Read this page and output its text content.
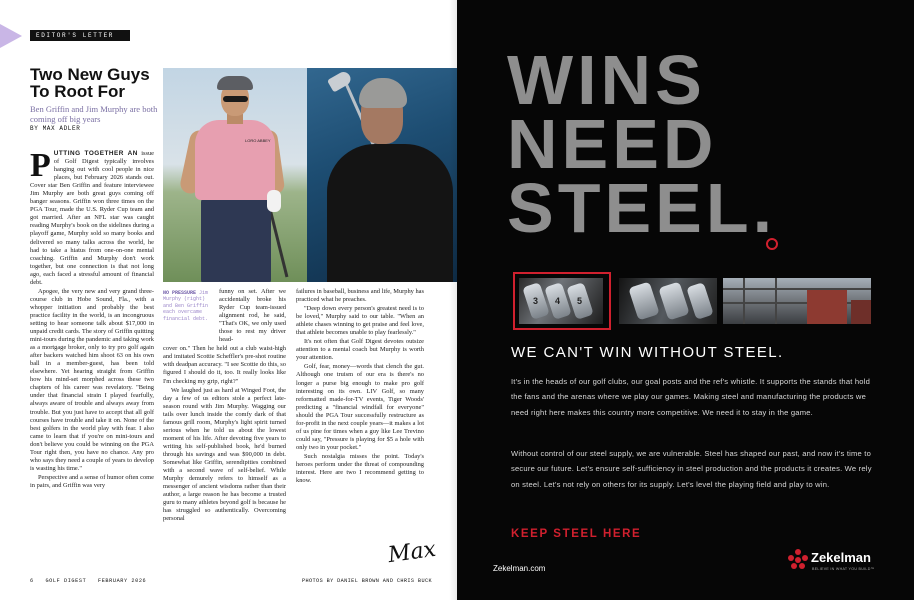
EDITOR'S LETTER
Two New Guys To Root For
Ben Griffin and Jim Murphy are both coming off big years
BY MAX ADLER

PUTTING TOGETHER AN issue of Golf Digest typically involves hanging out with cool people in nice places, but February 2026 stands out. Cover star Ben Griffin and feature interviewee Jim Murphy are both great guys coming off banger seasons. Griffin won three times on the PGA Tour, made the U.S. Ryder Cup team and got married. After an NFL star was caught reading Murphy's book on the sidelines during a playoff game, Murphy sold so many books and delivered so many talks across the world, he had to take a hiatus from one-on-one mental coaching. Griffin and Murphy don't work together, but one connection is that not long ago, each faced a stressful amount of financial debt.

Apogee, the very new and very grand three-course club in Hobe Sound, Fla., with a whopper initiation and probably the best practice facility in the world, is an incongruous setting to hear someone talk about $17,000 in unpaid credit cards. The story of Griffin quitting mini-tours during the pandemic and taking work as a mortgage broker, only to try pro golf again after backers watched him shoot 63 on his own ball in a member-guest, has been told elsewhere. Yet hearing straight from Griffin how his mind-set morphed across these two chapters of his career was revelatory. "Being under that financial strain I played fearfully, always aware of trouble and always away from trouble. But you just have to accept that all golf courses have trouble and take it on. None of the best golfers in the world play with fear. I also came to learn that if you're on mini-tours and don't believe you could be winning on the PGA Tour right then, you have no chance. Any pro who says they need a couple of years to develop is wasting his time."

Perspective and a sense of humor often come in pairs, and Griffin was very

LORO ABBEY
NO PRESSURE Jim Murphy (right) and Ben Griffin each overcame financial debt.

funny on set. After we accidentally broke his Ryder Cup team-issued alignment rod, he said, "That's OK, we only used those to rest my driver head-

cover on." Then he held out a club waist-high and imitated Scottie Scheffler's pre-shot routine with deadpan accuracy. "I see Scottie do this, so figured I should do it, too. It really looks like I'm checking my grip, right?"

We laughed just as hard at Winged Foot, the day a few of us editors stole a perfect late-season round with Jim Murphy. Wagging our tails over lunch inside the comfy dark of that famous grill room, Murphy's light spirit turned serious when he told us about the lowest moment of his life. After devoting five years to writing his self-published book, he'd burned through his savings and was $90,000 in debt. Somewhat like Griffin, serendipities combined with a second wave of self-belief. While Murphy demurely refers to himself as a messenger of ancient wisdoms rather than their author, a large reason he has become a trusted guru to many athletes beyond golf is because he has struggled so authentically. Overcoming personal

failures in baseball, business and life, Murphy has practiced what he preaches.

"Deep down every person's greatest need is to be loved," Murphy said to our table. "When an athlete chases winning to get praise and feel love, that athlete becomes unable to play fearlessly."

It's not often that Golf Digest devotes outsize attention to a mental coach but Murphy is worth your attention.

Golf, fear, money—words that clench the gut. Although one truism of our era is there's no longer a purse big enough to make pro golf interesting on its own. LIV Golf, so many reformatted made-for-TV events, Tiger Woods' predicting a "financial windfall for everyone" should the PGA Tour successfully restructure as for-profit in the next couple years—it makes a lot of us pine for times when a guy like Lee Trevino could say, "Pressure is playing for $5 a hole with only two in your pocket."

Such nostalgia misses the point. Today's heroes perform under the threat of compounding interest. Here are two I recommend getting to know.

Max
6 GOLF DIGEST FEBRUARY 2026	PHOTOS BY DANIEL BROWN AND CHRIS BUCK
WINS
NEED
STEEL.
3 4 5
WE CAN'T WIN WITHOUT STEEL.

It's in the heads of our golf clubs, our goal posts and the ref's whistle. It supports the stands that hold the fans and the arenas where we play our games. Making steel and manufacturing the products we need right here makes this country more competitive. We need it to stay in the game.

Without control of our steel supply, we are vulnerable. Steel has shaped our past, and now it's time to secure our future. Let's ensure self-sufficiency in steel production and the products it creates. We rely on steel. Let's not rely on others for its supply. Let's level the playing field and play to win.

KEEP STEEL HERE
Zekelman.com
Zekelman
BELIEVE IN WHAT YOU BUILD™
